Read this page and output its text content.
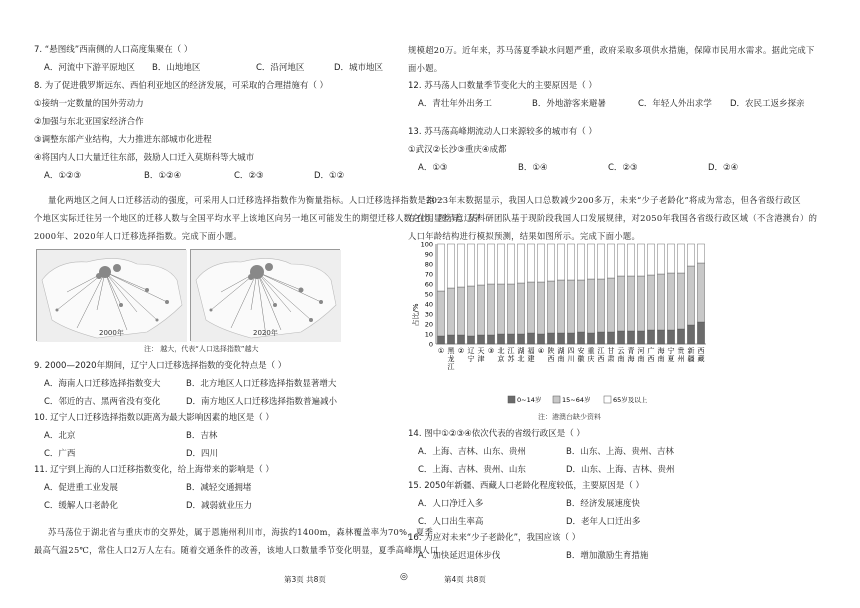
7. “悬图线”西南侧的人口高度集聚在（ ）
A．河流中下游平原地区 B．山地地区	C．沿河地区	D．城市地区
8. 为了促进俄罗斯远东、西伯利亚地区的经济发展，可采取的合理措施有（ ）
①接纳一定数量的国外劳动力
②加强与东北亚国家经济合作
③调整东部产业结构，大力推进东部城市化进程
④将国内人口大量迁往东部，鼓励人口迁入莫斯科等大城市
A．①②③	B．①②④	C．②③	D．①②
量化两地区之间人口迁移活动的强度，可采用人口迁移选择指数作为衡量指标。人口迁移选择指数是指一
个地区实际迁往另一个地区的迁移人数与全国平均水平上该地区向另一地区可能发生的期望迁移人数之比。图示意辽宁
2000年、2020年人口迁移选择指数。完成下面小题。
2000年	2020年
注： 越大，代表“人口选择指数”越大
9. 2000—2020年期间，辽宁人口迁移选择指数的变化特点是（ ）
A．海南人口迁移选择指数变大	B．北方地区人口迁移选择指数显著增大
C．邻近的吉、黑两省没有变化	D．南方地区人口迁移选择指数普遍减小
10. 辽宁人口迁移选择指数以距离为最大影响因素的地区是（ ）
A．北京	B．吉林
C．广西	D．四川
11. 辽宁到上海的人口迁移指数变化，给上海带来的影响是（ ）
A．促进重工业发展	B．减轻交通拥堵
C．缓解人口老龄化	D．减弱就业压力
苏马荡位于湖北省与重庆市的交界处，属于恩施州利川市，海拔约1400m，森林覆盖率为70%，夏季
最高气温25℃，常住人口2万人左右。随着交通条件的改善，该地人口数量季节变化明显，夏季高峰期人口
第3页 共8页	◎
规模超20万。近年来，苏马荡夏季缺水问题严重，政府采取多项供水措施，保障市民用水需求。据此完成下
面小题。
12. 苏马荡人口数量季节变化大的主要原因是（ ）
A．青壮年外出务工	B．外地游客来避暑	C．年轻人外出求学 D．农民工返乡探亲
13. 苏马荡高峰期流动人口来源较多的城市有（ ）
①武汉②长沙③重庆④成都
A．①③	B．①④	C．②③	D．②④
2023年末数据显示，我国人口总数减少200多万，未来“少子老龄化”将成为常态，但各省级行政区
存在明显差异。某科研团队基于现阶段我国人口发展规律，对2050年我国各省级行政区域（不含港澳台）的
人口年龄结构进行模拟预测，结果如图所示。完成下面小题。
占比/%
0
10
20
30
40
50
60
70
80
90
100
① 黑
龙
江
② 辽
宁
天
津
③ 北
京
江
苏
湖
北
福
建
④ 陕
西
湖
南
四
川
安
徽
重
庆
江
西
甘
肃
云
南
青
海
河
南
广
西
海
南
宁
夏
贵
州
新
疆
西
藏
0~14岁	15~64岁	65岁及以上
注：港澳台缺少资料
14. 图中①②③④依次代表的省级行政区是（ ）
A．上海、吉林、山东、贵州	B．山东、上海、贵州、吉林
C．上海、吉林、贵州、山东	D．山东、上海、吉林、贵州
15. 2050年新疆、西藏人口老龄化程度较低，主要原因是（ ）
A．人口净迁入多	B．经济发展速度快
C．人口出生率高	D．老年人口迁出多
16. 为应对未来“少子老龄化”，我国应该（ ）
A．加快延迟退休步伐	B．增加激励生育措施
第4页 共8页
